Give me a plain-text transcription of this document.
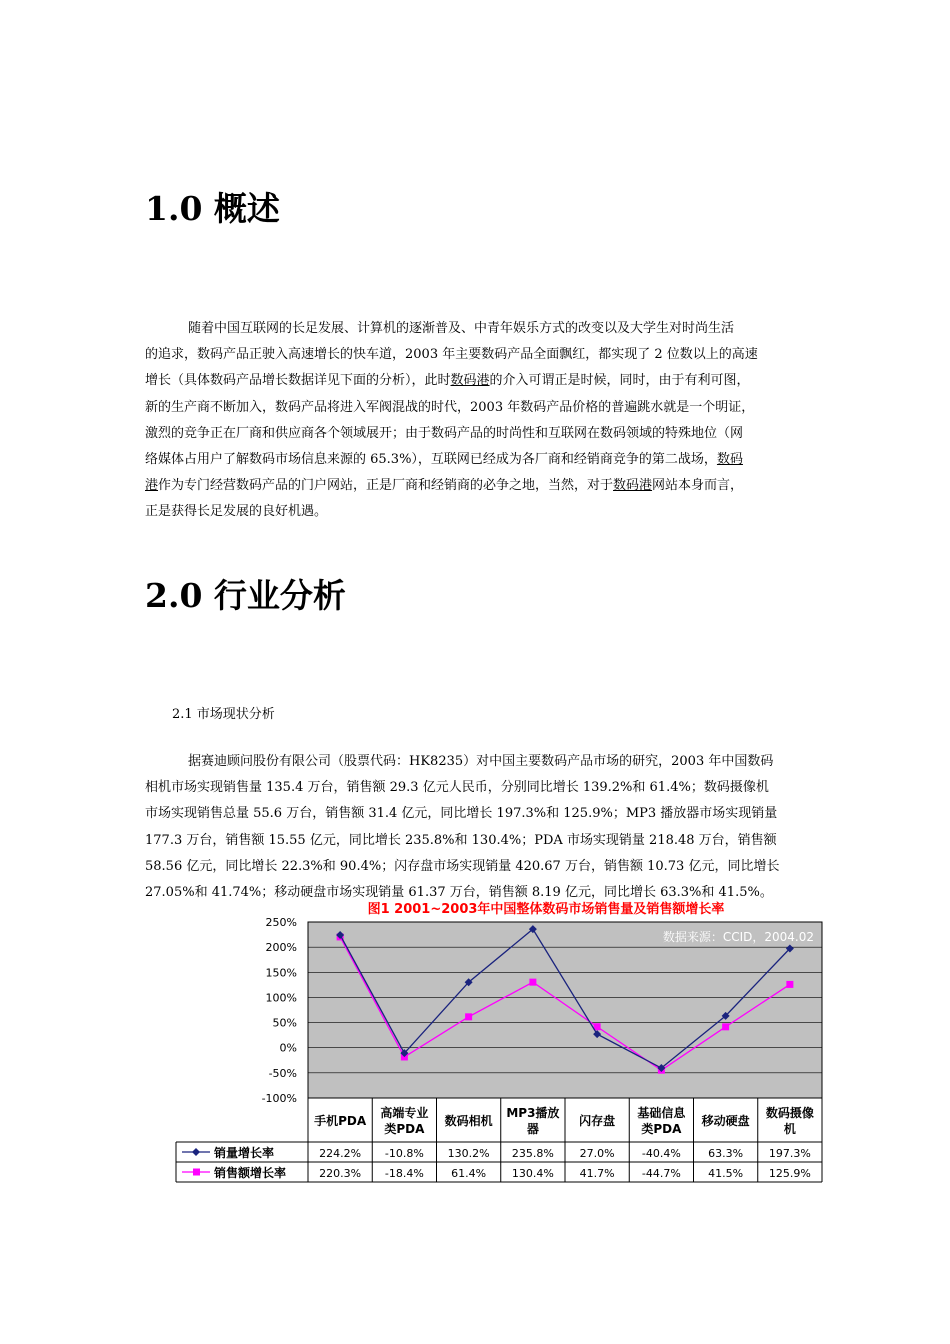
1.0 概述
随着中国互联网的长足发展、计算机的逐渐普及、中青年娱乐方式的改变以及大学生对时尚生活
的追求，数码产品正驶入高速增长的快车道，2003 年主要数码产品全面飘红，都实现了 2 位数以上的高速
增长（具体数码产品增长数据详见下面的分析），此时数码港的介入可谓正是时候，同时，由于有利可图，
新的生产商不断加入，数码产品将进入军阀混战的时代，2003 年数码产品价格的普遍跳水就是一个明证，
激烈的竞争正在厂商和供应商各个领域展开；由于数码产品的时尚性和互联网在数码领域的特殊地位（网
络媒体占用户了解数码市场信息来源的 65.3%），互联网已经成为各厂商和经销商竞争的第二战场，数码
港作为专门经营数码产品的门户网站，正是厂商和经销商的必争之地，当然，对于数码港网站本身而言，
正是获得长足发展的良好机遇。
2.0 行业分析

2.1 市场现状分析

据赛迪顾问股份有限公司（股票代码：HK8235）对中国主要数码产品市场的研究，2003 年中国数码
相机市场实现销售量 135.4 万台，销售额 29.3 亿元人民币，分别同比增长 139.2%和 61.4%；数码摄像机
市场实现销售总量 55.6 万台，销售额 31.4 亿元，同比增长 197.3%和 125.9%；MP3 播放器市场实现销量
177.3 万台，销售额 15.55 亿元，同比增长 235.8%和 130.4%；PDA 市场实现销量 218.48 万台，销售额
58.56 亿元，同比增长 22.3%和 90.4%；闪存盘市场实现销量 420.67 万台，销售额 10.73 亿元，同比增长
27.05%和 41.74%；移动硬盘市场实现销量 61.37 万台，销售额 8.19 亿元，同比增长 63.3%和 41.5%。
图1 2001~2003年中国整体数码市场销售量及销售额增长率
数据来源：CCID，2004.02
-100%
-50%
0%
50%
100%
150%
200%
250%
手机PDA
高端专业
类PDA
数码相机
MP3播放
器
闪存盘
基础信息
类PDA
移动硬盘
数码摄像
机
销量增长率	224.2% -10.8% 130.2% 235.8% 27.0% -40.4% 63.3% 197.3%
销售额增长率	220.3% -18.4% 61.4% 130.4% 41.7% -44.7% 41.5% 125.9%
